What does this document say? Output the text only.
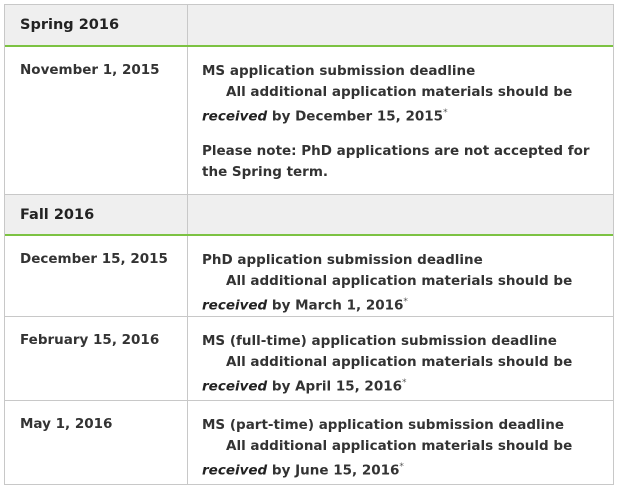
Spring 2016
November 1, 2015	MS application submission deadline
All additional application materials should be
received by December 15, 2015*
Please note: PhD applications are not accepted for the Spring term.
Fall 2016
December 15, 2015	PhD application submission deadline
All additional application materials should be
received by March 1, 2016*
February 15, 2016	MS (full-time) application submission deadline
All additional application materials should be
received by April 15, 2016*
May 1, 2016	MS (part-time) application submission deadline
All additional application materials should be
received by June 15, 2016*
